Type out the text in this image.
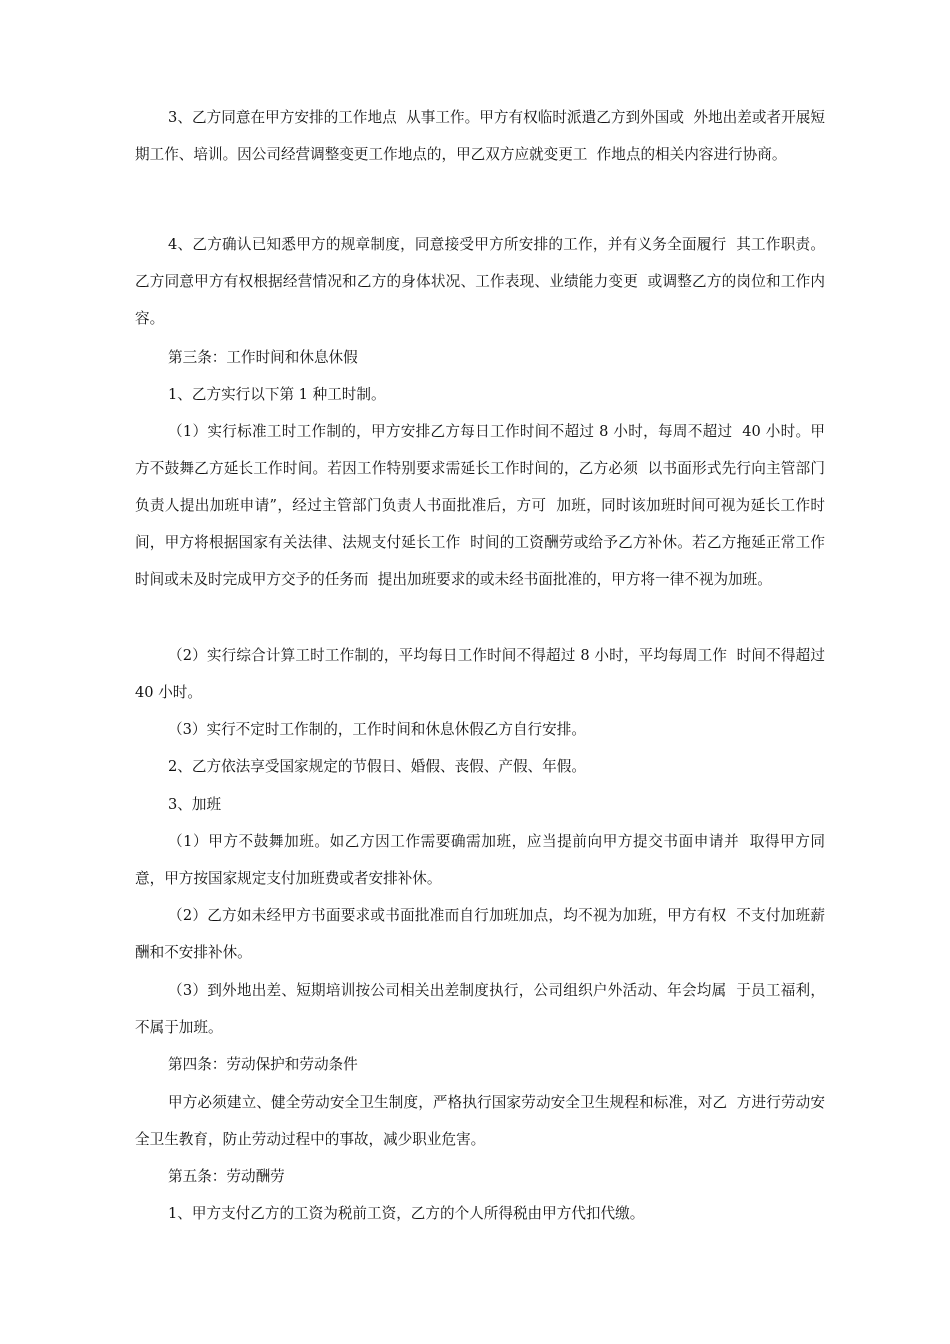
3、乙方同意在甲方安排的工作地点  从事工作。甲方有权临时派遣乙方到外国或  外地出差或者开展短期工作、培训。因公司经营调整变更工作地点的，甲乙双方应就变更工  作地点的相关内容进行协商。

4、乙方确认已知悉甲方的规章制度，同意接受甲方所安排的工作，并有义务全面履行  其工作职责。乙方同意甲方有权根据经营情况和乙方的身体状况、工作表现、业绩能力变更  或调整乙方的岗位和工作内容。

第三条：工作时间和休息休假

1、乙方实行以下第 1 种工时制。

（1）实行标准工时工作制的，甲方安排乙方每日工作时间不超过 8 小时，每周不超过  40 小时。甲方不鼓舞乙方延长工作时间。若因工作特别要求需延长工作时间的，乙方必须  以书面形式先行向主管部门负责人提出加班申请”，经过主管部门负责人书面批准后，方可  加班，同时该加班时间可视为延长工作时间，甲方将根据国家有关法律、法规支付延长工作  时间的工资酬劳或给予乙方补休。若乙方拖延正常工作时间或未及时完成甲方交予的任务而  提出加班要求的或未经书面批准的，甲方将一律不视为加班。

（2）实行综合计算工时工作制的，平均每日工作时间不得超过 8 小时，平均每周工作  时间不得超过 40 小时。

（3）实行不定时工作制的，工作时间和休息休假乙方自行安排。

2、乙方依法享受国家规定的节假日、婚假、丧假、产假、年假。

3、加班

（1）甲方不鼓舞加班。如乙方因工作需要确需加班，应当提前向甲方提交书面申请并  取得甲方同意，甲方按国家规定支付加班费或者安排补休。

（2）乙方如未经甲方书面要求或书面批准而自行加班加点，均不视为加班，甲方有权  不支付加班薪酬和不安排补休。

（3）到外地出差、短期培训按公司相关出差制度执行，公司组织户外活动、年会均属  于员工福利，不属于加班。

第四条：劳动保护和劳动条件

甲方必须建立、健全劳动安全卫生制度，严格执行国家劳动安全卫生规程和标准，对乙  方进行劳动安全卫生教育，防止劳动过程中的事故，减少职业危害。

第五条：劳动酬劳

1、甲方支付乙方的工资为税前工资，乙方的个人所得税由甲方代扣代缴。
